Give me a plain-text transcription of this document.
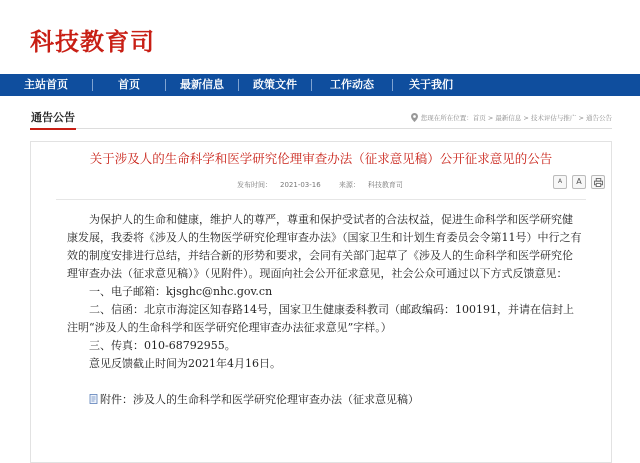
科技教育司
主站首页	首页	最新信息	政策文件	工作动态	关于我们
通告公告	您现在所在位置：首页 > 最新信息 > 技术评估与推广 > 通告公告
关于涉及人的生命科学和医学研究伦理审查办法（征求意见稿）公开征求意见的公告
发布时间： 2021-03-16	来源： 科技教育司	A	A

为保护人的生命和健康，维护人的尊严，尊重和保护受试者的合法权益，促进生命科学和医学研究健康发展，我委将《涉及人的生物医学研究伦理审查办法》（国家卫生和计划生育委员会令第11号）中行之有效的制度安排进行总结，并结合新的形势和要求，会同有关部门起草了《涉及人的生命科学和医学研究伦理审查办法（征求意见稿）》（见附件）。现面向社会公开征求意见，社会公众可通过以下方式反馈意见：

一、电子邮箱：kjsghc@nhc.gov.cn

二、信函：北京市海淀区知春路14号，国家卫生健康委科教司（邮政编码：100191，并请在信封上注明“涉及人的生命科学和医学研究伦理审查办法征求意见”字样。）

三、传真：010-68792955。

意见反馈截止时间为2021年4月16日。

附件：涉及人的生命科学和医学研究伦理审查办法（征求意见稿）
